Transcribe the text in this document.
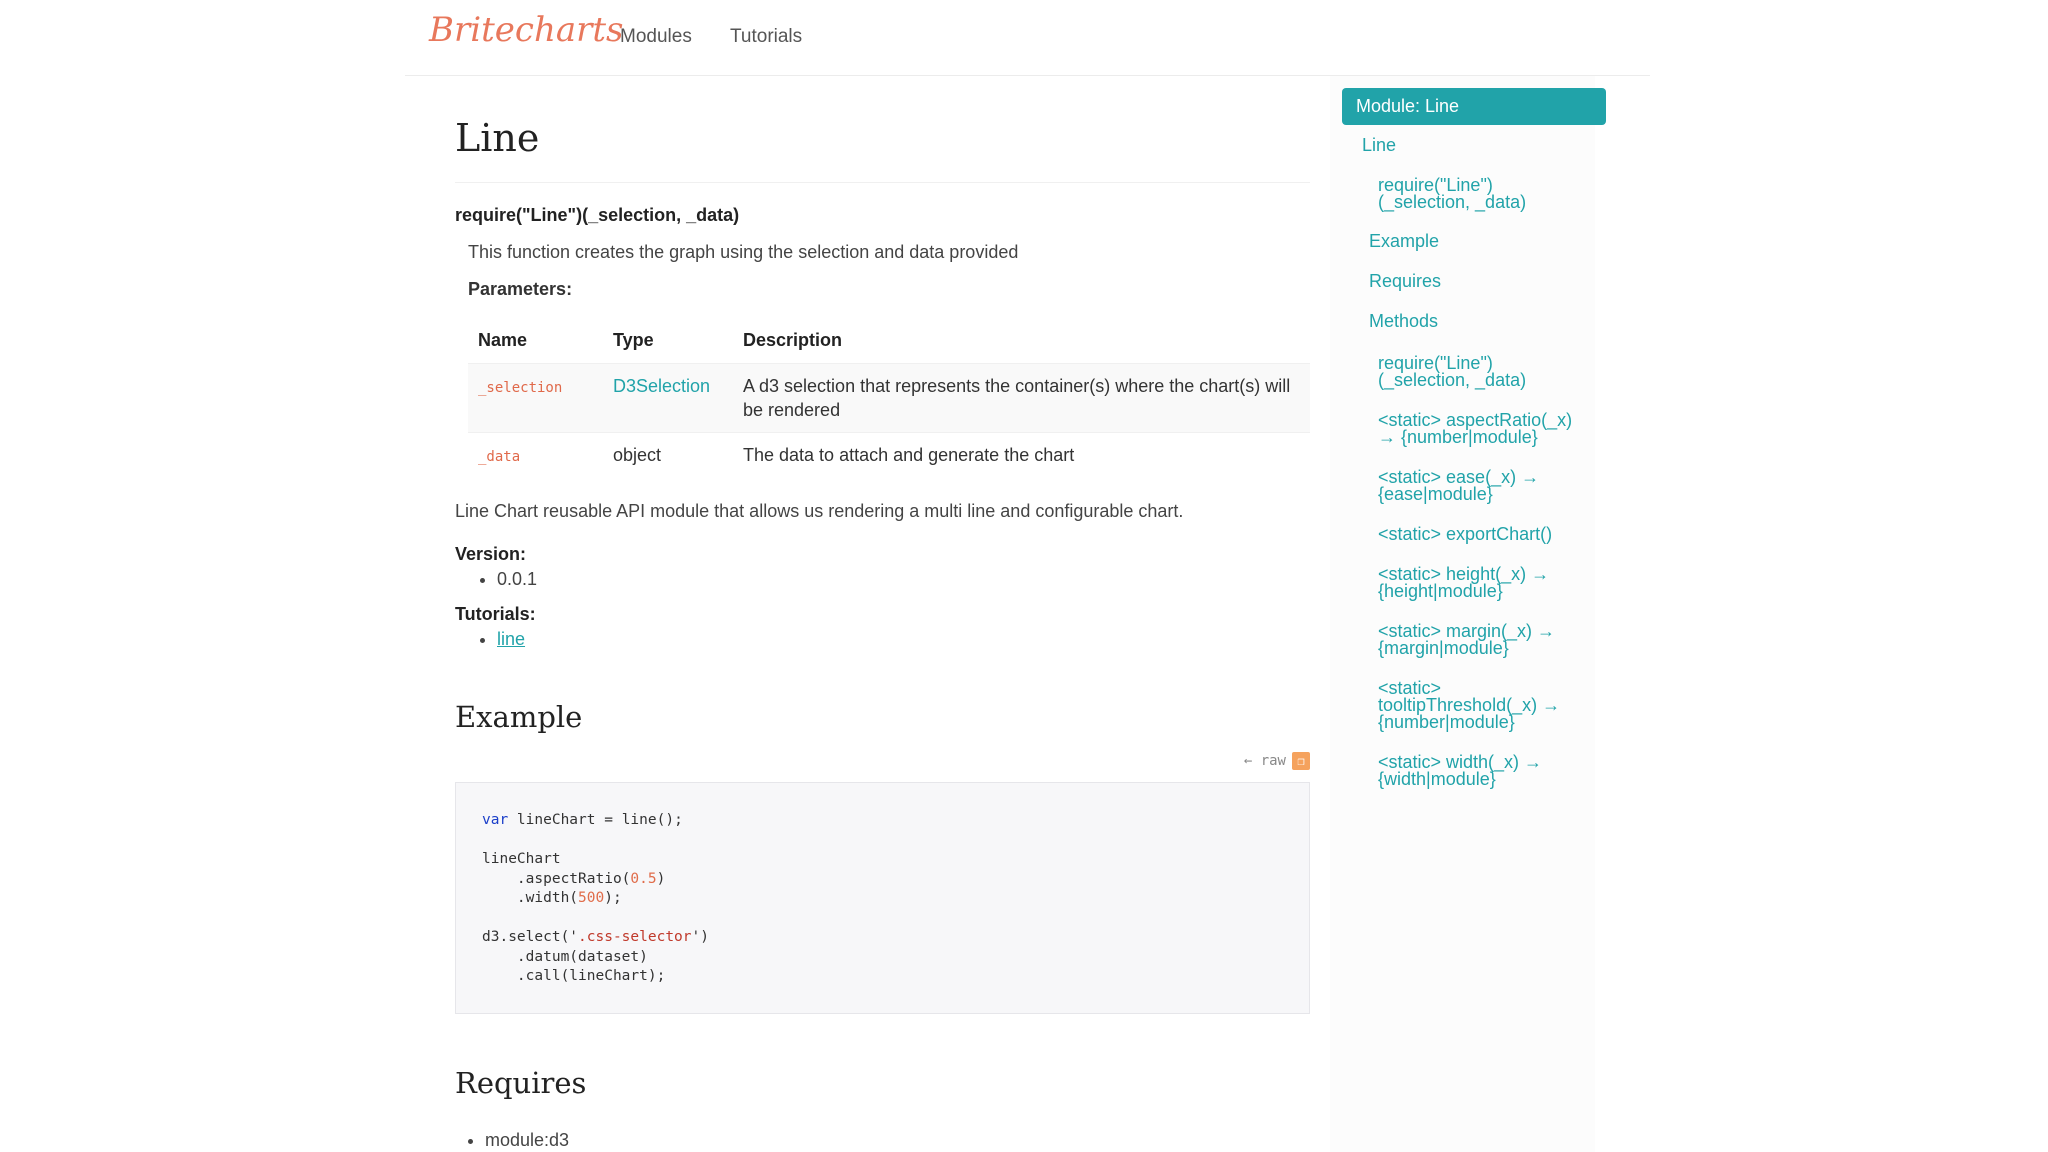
Britecharts
Modules Tutorials
Line
require("Line")(_selection, _data)
This function creates the graph using the selection and data provided
Parameters:
Name	Type	Description
_selection	D3Selection	A d3 selection that represents the container(s) where the chart(s) will be rendered
_data	object	The data to attach and generate the chart
Line Chart reusable API module that allows us rendering a multi line and configurable chart.
Version:
• 0.0.1
Tutorials:
• line
Example
← raw ❐
var lineChart = line();

lineChart
.aspectRatio(0.5)
.width(500);

d3.select('.css-selector')
.datum(dataset)
.call(lineChart);
Requires
• module:d3
Module: Line
Line
require("Line")
(_selection, _data)
Example
Requires
Methods
require("Line")
(_selection, _data)
<static> aspectRatio(_x)
→ {number|module}
<static> ease(_x) →
{ease|module}
<static> exportChart()
<static> height(_x) →
{height|module}
<static> margin(_x) →
{margin|module}
<static>
tooltipThreshold(_x) →
{number|module}
<static> width(_x) →
{width|module}
